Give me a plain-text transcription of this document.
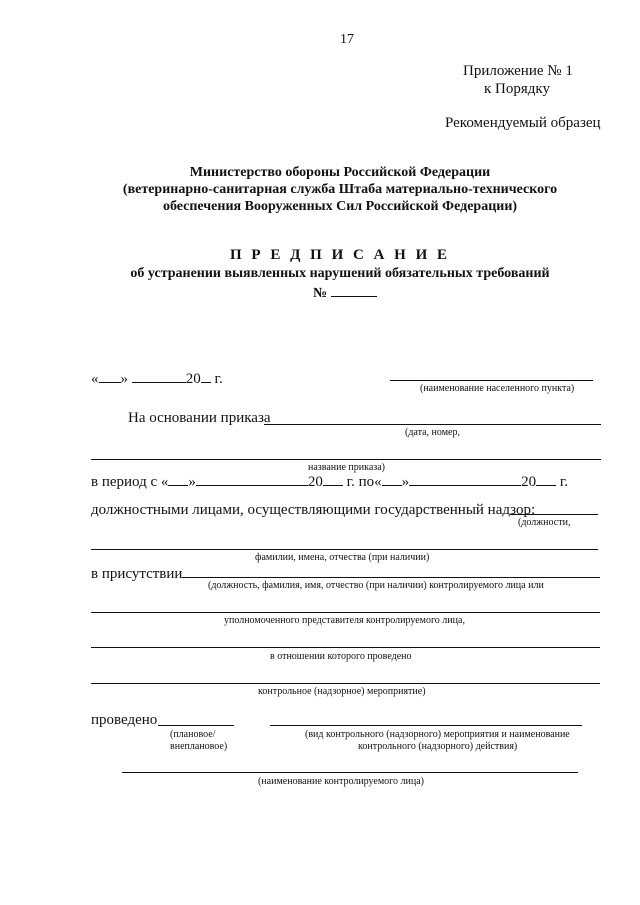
17
Приложение № 1
к Порядку
Рекомендуемый образец
Министерство обороны Российской Федерации
(ветеринарно-санитарная служба Штаба материально-технического
обеспечения Вооруженных Сил Российской Федерации)
П Р Е Д П И С А Н И Е
об устранении выявленных нарушений обязательных требований
№
« »	20 г.
(наименование населенного пункта)
На основании приказа
(дата, номер,
название приказа)
в период с « »	20 г. по« »	20 г.
должностными лицами, осуществляющими государственный надзор:
(должности,
фамилии, имена, отчества (при наличии)
в присутствии
(должность, фамилия, имя, отчество (при наличии) контролируемого лица или
уполномоченного представителя контролируемого лица,
в отношении которого проведено
контрольное (надзорное) мероприятие)
проведено
(плановое/
внеплановое)
(вид контрольного (надзорного) мероприятия и наименование
контрольного (надзорного) действия)
(наименование контролируемого лица)
